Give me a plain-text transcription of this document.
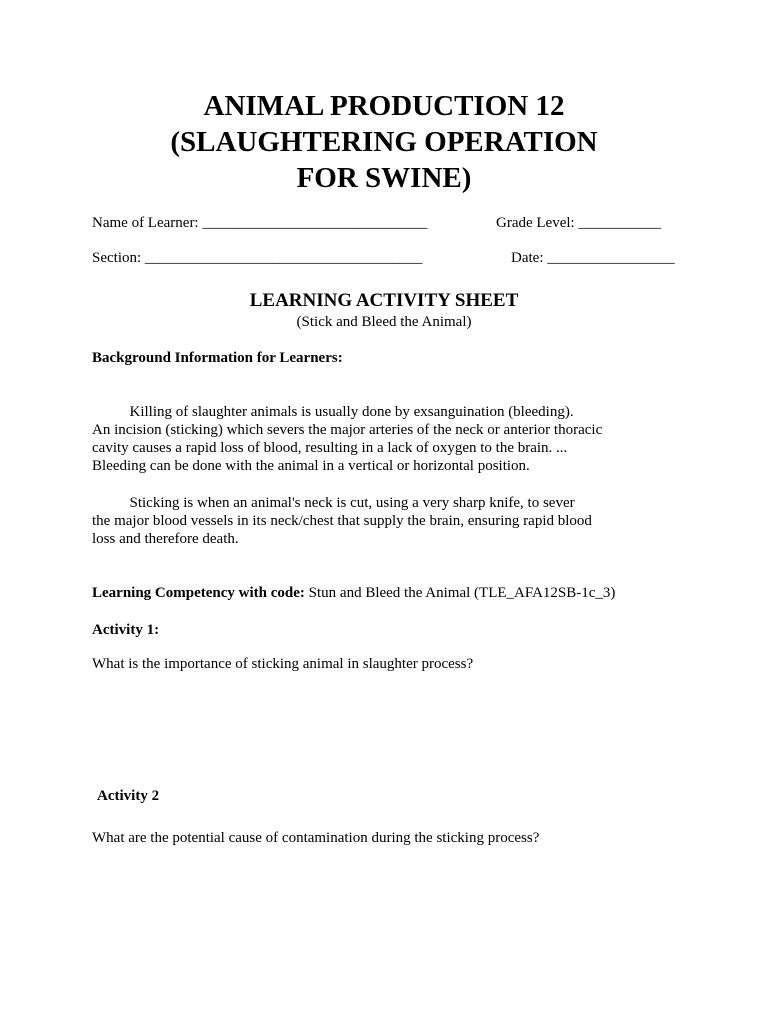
ANIMAL PRODUCTION 12
(SLAUGHTERING OPERATION
FOR SWINE)
Name of Learner: ______________________________	Grade Level: ___________
Section: _____________________________________	Date: _________________
LEARNING ACTIVITY SHEET
(Stick and Bleed the Animal)
Background Information for Learners:
Killing of slaughter animals is usually done by exsanguination (bleeding).
An incision (sticking) which severs the major arteries of the neck or anterior thoracic
cavity causes a rapid loss of blood, resulting in a lack of oxygen to the brain. ...
Bleeding can be done with the animal in a vertical or horizontal position.
Sticking is when an animal's neck is cut, using a very sharp knife, to sever
the major blood vessels in its neck/chest that supply the brain, ensuring rapid blood
loss and therefore death.
Learning Competency with code: Stun and Bleed the Animal (TLE_AFA12SB-1c_3)
Activity 1:
What is the importance of sticking animal in slaughter process?
Activity 2
What are the potential cause of contamination during the sticking process?
